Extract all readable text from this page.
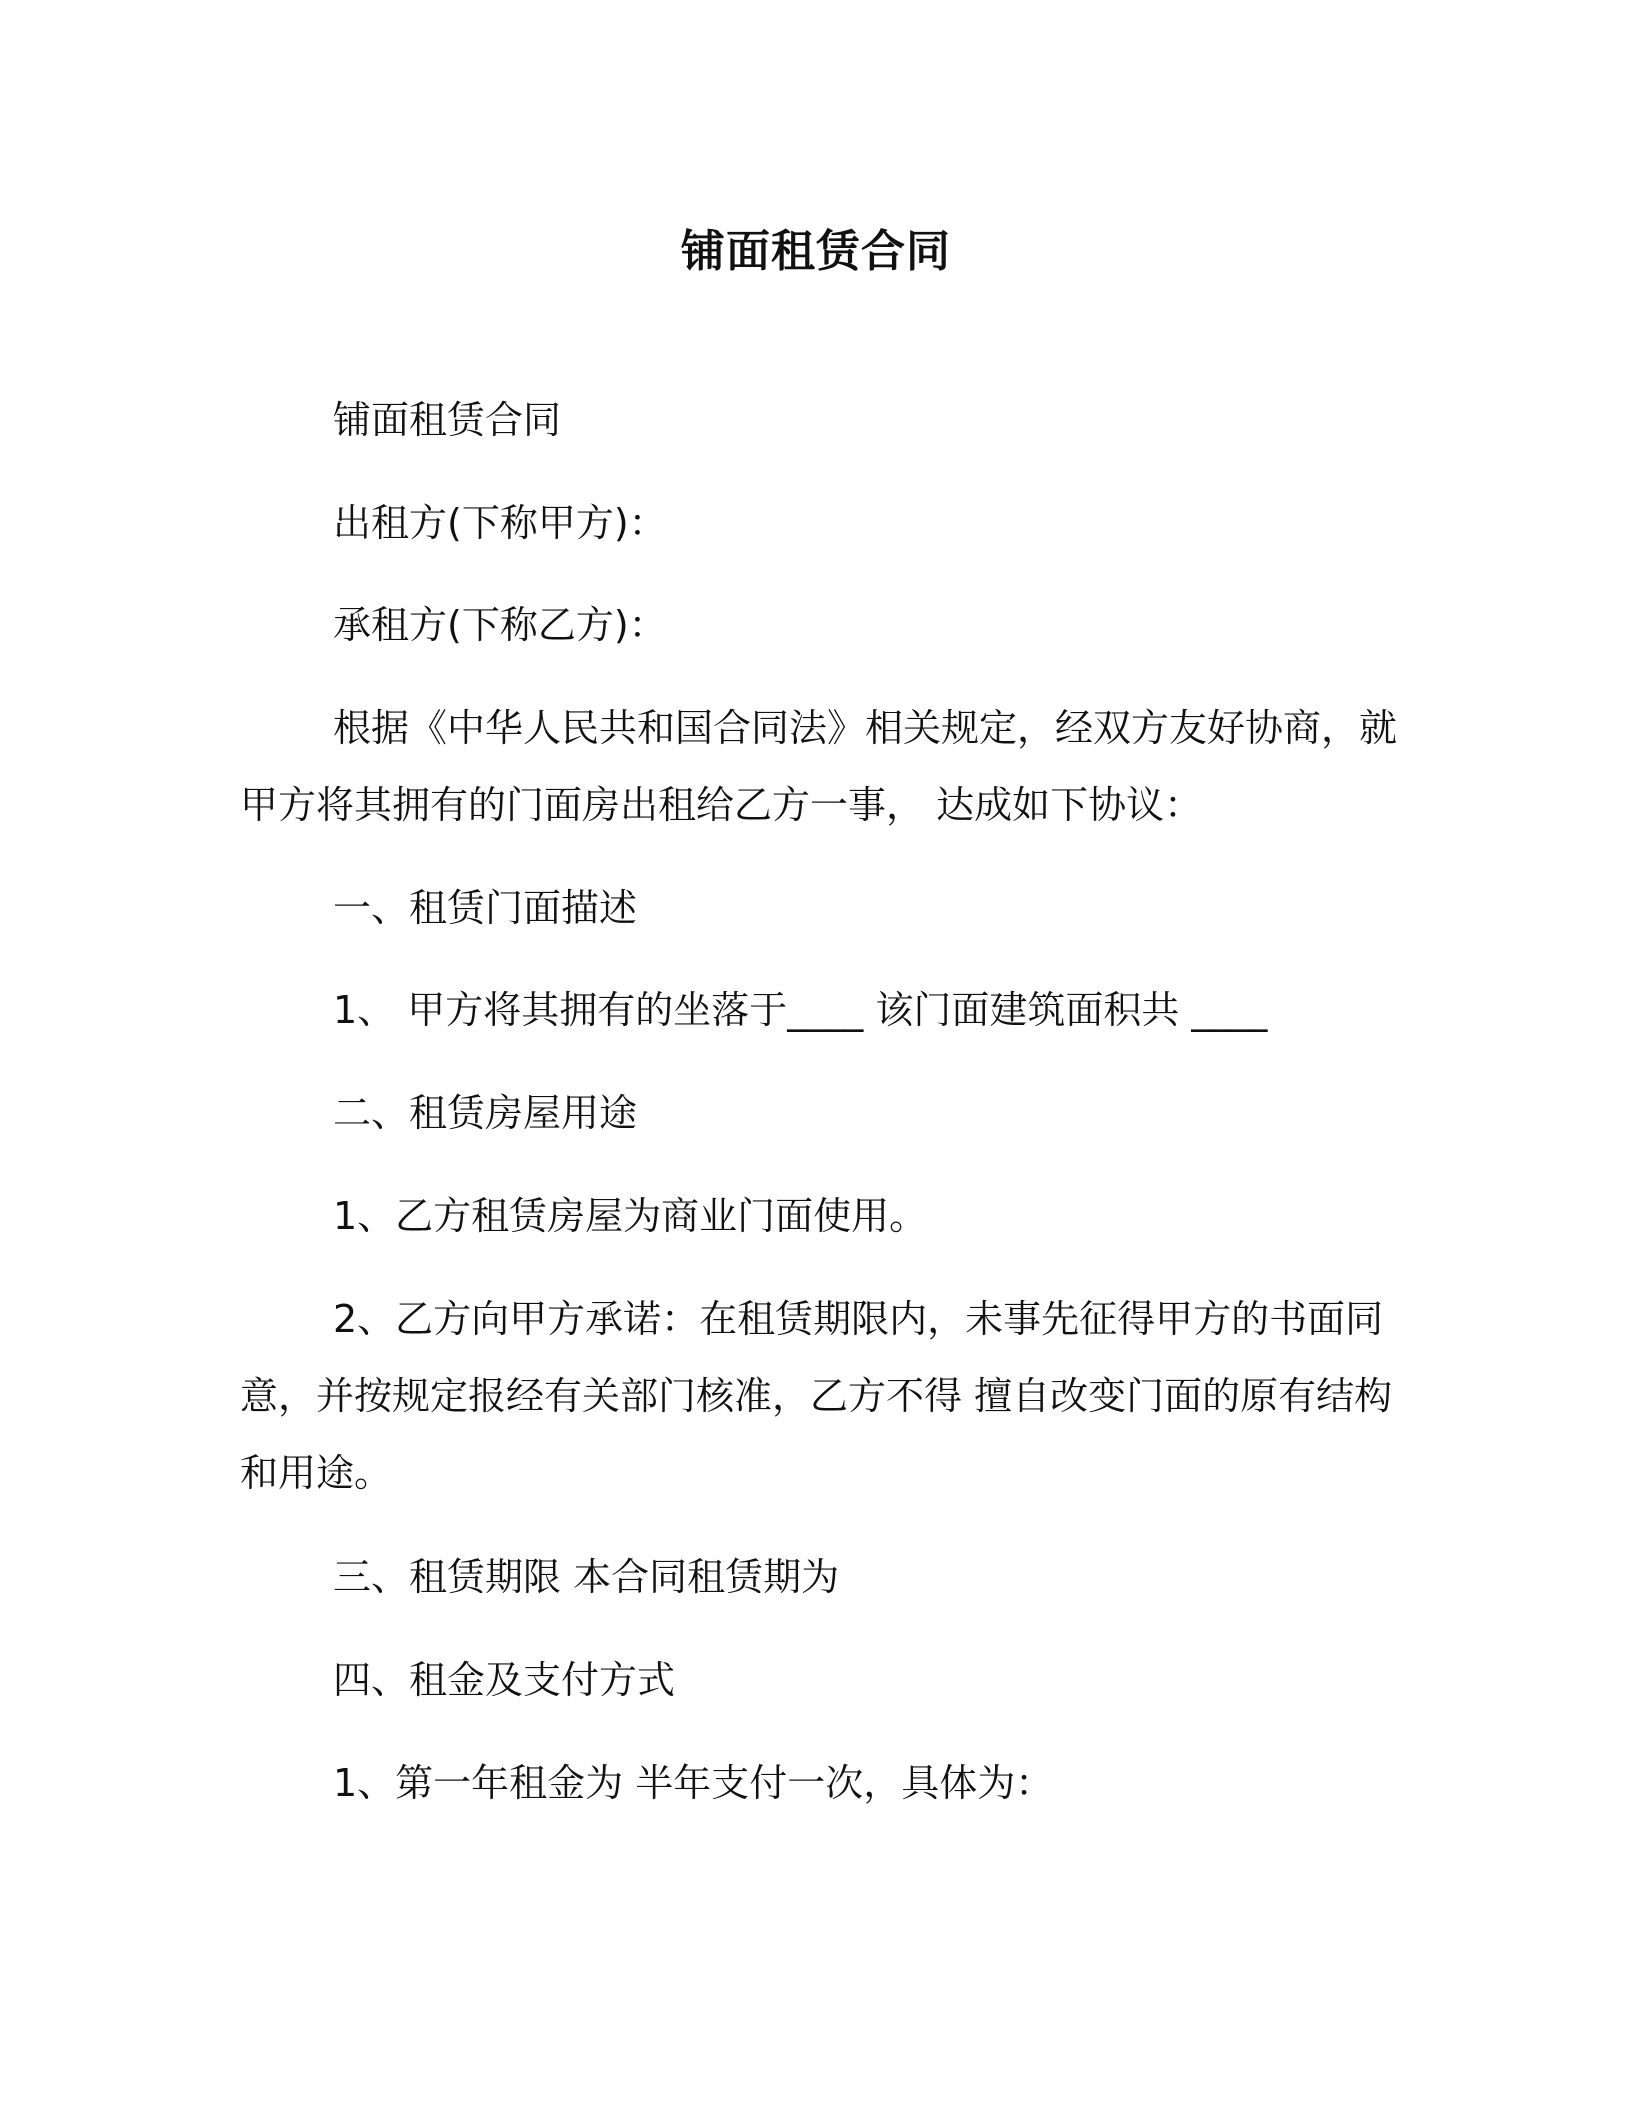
铺面租赁合同
铺面租赁合同
出租方(下称甲方)：
承租方(下称乙方)：
根据《中华人民共和国合同法》相关规定，经双方友好协商，就
甲方将其拥有的门面房出租给乙方一事， 达成如下协议：
一、租赁门面描述
1、 甲方将其拥有的坐落于____ 该门面建筑面积共 ____
二、租赁房屋用途
1、乙方租赁房屋为商业门面使用。
2、乙方向甲方承诺：在租赁期限内，未事先征得甲方的书面同
意，并按规定报经有关部门核准，乙方不得 擅自改变门面的原有结构
和用途。
三、租赁期限 本合同租赁期为
四、租金及支付方式
1、第一年租金为 半年支付一次，具体为：
